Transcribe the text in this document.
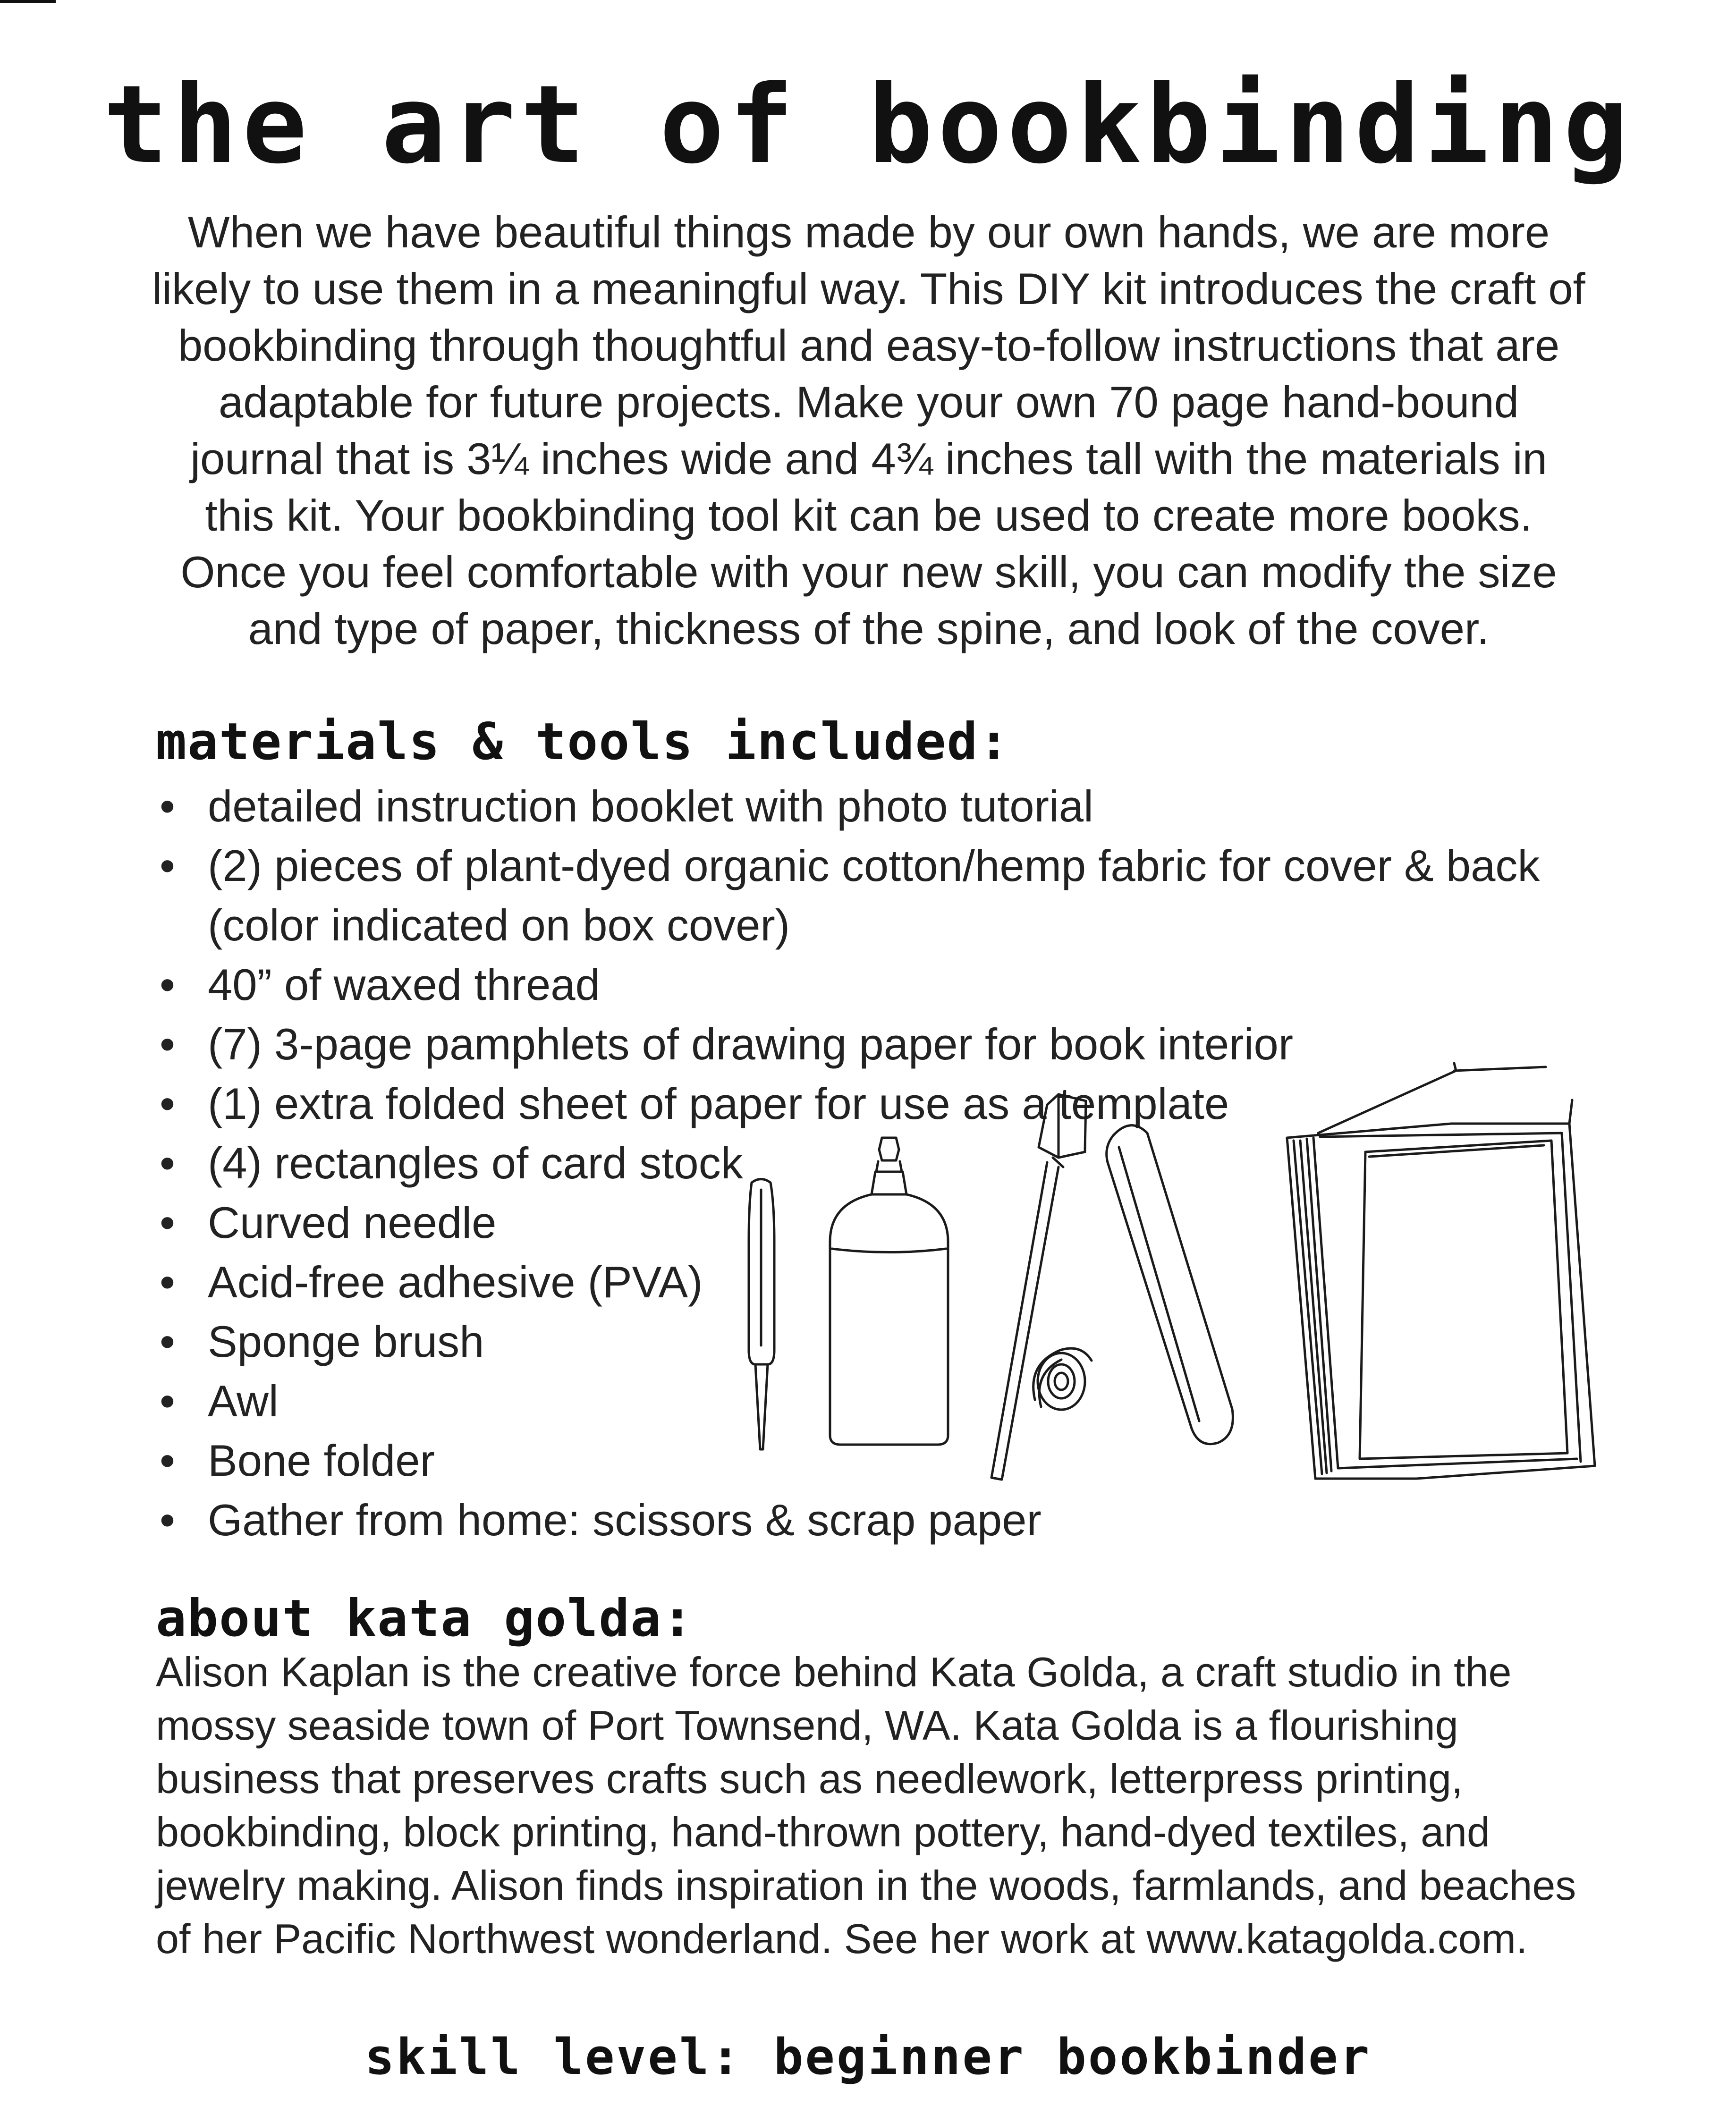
the art of bookbinding

When we have beautiful things made by our own hands, we are more likely to use them in a meaningful way. This DIY kit introduces the craft of bookbinding through thoughtful and easy-to-follow instructions that are adaptable for future projects. Make your own 70 page hand-bound journal that is 3¼ inches wide and 4¾ inches tall with the materials in this kit. Your bookbinding tool kit can be used to create more books. Once you feel comfortable with your new skill, you can modify the size and type of paper, thickness of the spine, and look of the cover.

materials & tools included:
• detailed instruction booklet with photo tutorial
• (2) pieces of plant-dyed organic cotton/hemp fabric for cover & back (color indicated on box cover)
• 40” of waxed thread
• (7) 3-page pamphlets of drawing paper for book interior
• (1) extra folded sheet of paper for use as a template
• (4) rectangles of card stock
• Curved needle
• Acid-free adhesive (PVA)
• Sponge brush
• Awl
• Bone folder
• Gather from home: scissors & scrap paper
about kata golda:

Alison Kaplan is the creative force behind Kata Golda, a craft studio in the mossy seaside town of Port Townsend, WA. Kata Golda is a flourishing business that preserves crafts such as needlework, letterpress printing, bookbinding, block printing, hand-thrown pottery, hand-dyed textiles, and jewelry making. Alison finds inspiration in the woods, farmlands, and beaches of her Pacific Northwest wonderland. See her work at www.katagolda.com.

skill level: beginner bookbinder
